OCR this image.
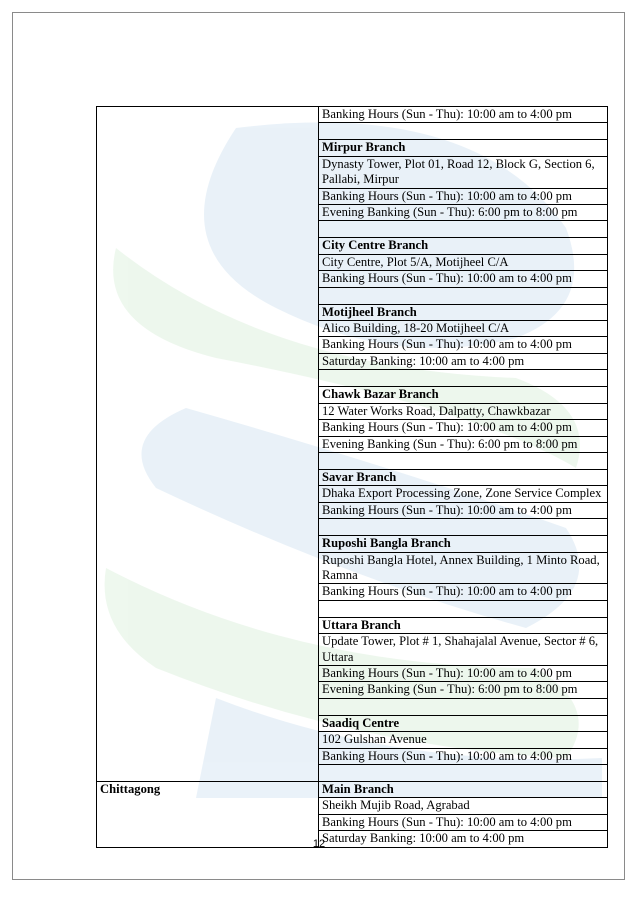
	Banking Hours (Sun - Thu): 10:00 am to 4:00 pm

	Mirpur Branch
	Dynasty Tower, Plot 01, Road 12, Block G, Section 6, Pallabi, Mirpur
	Banking Hours (Sun - Thu): 10:00 am to 4:00 pm
	Evening Banking (Sun - Thu): 6:00 pm to 8:00 pm

	City Centre Branch
	City Centre, Plot 5/A, Motijheel C/A
	Banking Hours (Sun - Thu): 10:00 am to 4:00 pm

	Motijheel Branch
	Alico Building, 18-20 Motijheel C/A
	Banking Hours (Sun - Thu): 10:00 am to 4:00 pm
	Saturday Banking: 10:00 am to 4:00 pm

	Chawk Bazar Branch
	12 Water Works Road, Dalpatty, Chawkbazar
	Banking Hours (Sun - Thu): 10:00 am to 4:00 pm
	Evening Banking (Sun - Thu): 6:00 pm to 8:00 pm

	Savar Branch
	Dhaka Export Processing Zone, Zone Service Complex
	Banking Hours (Sun - Thu): 10:00 am to 4:00 pm

	Ruposhi Bangla Branch
	Ruposhi Bangla Hotel, Annex Building, 1 Minto Road, Ramna
	Banking Hours (Sun - Thu): 10:00 am to 4:00 pm

	Uttara Branch
	Update Tower, Plot # 1, Shahajalal Avenue, Sector # 6, Uttara
	Banking Hours (Sun - Thu): 10:00 am to 4:00 pm
	Evening Banking (Sun - Thu): 6:00 pm to 8:00 pm

	Saadiq Centre
	102 Gulshan Avenue
	Banking Hours (Sun - Thu): 10:00 am to 4:00 pm

Chittagong	Main Branch
	Sheikh Mujib Road, Agrabad
	Banking Hours (Sun - Thu): 10:00 am to 4:00 pm
	Saturday Banking: 10:00 am to 4:00 pm
12
